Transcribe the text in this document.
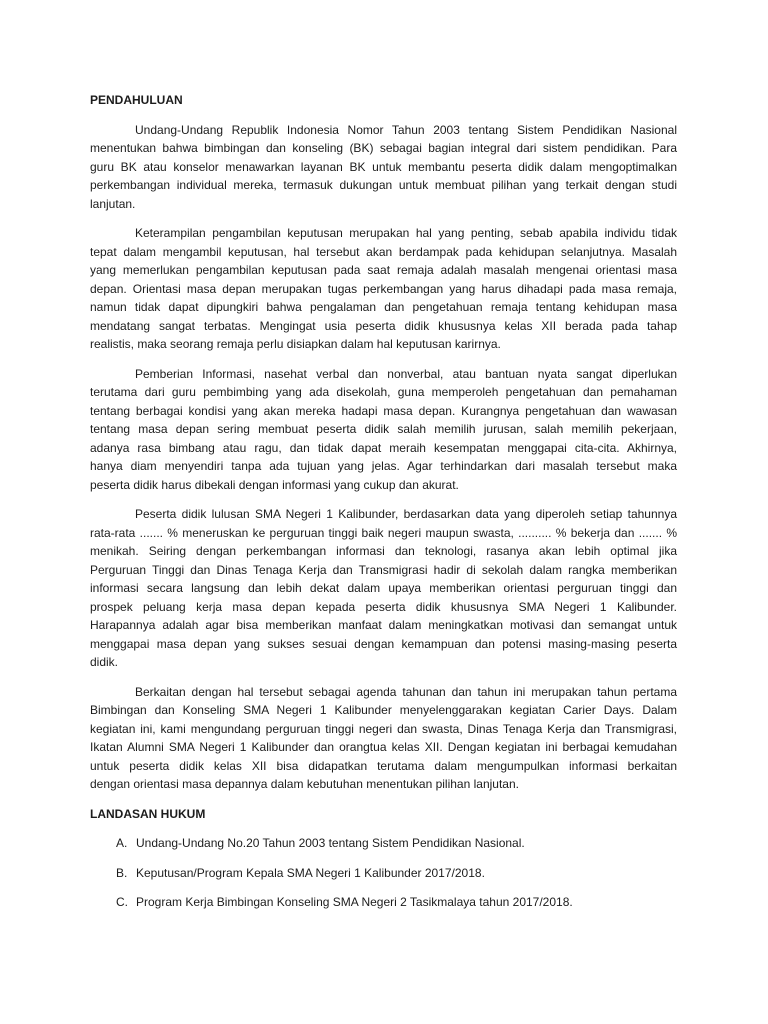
PENDAHULUAN
Undang-Undang Republik Indonesia Nomor Tahun 2003 tentang Sistem Pendidikan Nasional
menentukan bahwa bimbingan dan konseling (BK) sebagai bagian integral dari sistem pendidikan. Para
guru BK atau konselor menawarkan layanan BK untuk membantu peserta didik dalam mengoptimalkan
perkembangan individual mereka, termasuk dukungan untuk membuat pilihan yang terkait dengan studi
lanjutan.
Keterampilan pengambilan keputusan merupakan hal yang penting, sebab apabila individu tidak
tepat dalam mengambil keputusan, hal tersebut akan berdampak pada kehidupan selanjutnya. Masalah
yang memerlukan pengambilan keputusan pada saat remaja adalah masalah mengenai orientasi masa
depan. Orientasi masa depan merupakan tugas perkembangan yang harus dihadapi pada masa remaja,
namun tidak dapat dipungkiri bahwa pengalaman dan pengetahuan remaja tentang kehidupan masa
mendatang sangat terbatas. Mengingat usia peserta didik khususnya kelas XII berada pada tahap
realistis, maka seorang remaja perlu disiapkan dalam hal keputusan karirnya.
Pemberian Informasi, nasehat verbal dan nonverbal, atau bantuan nyata sangat diperlukan
terutama dari guru pembimbing yang ada disekolah, guna memperoleh pengetahuan dan pemahaman
tentang berbagai kondisi yang akan mereka hadapi masa depan. Kurangnya pengetahuan dan wawasan
tentang masa depan sering membuat peserta didik salah memilih jurusan, salah memilih pekerjaan,
adanya rasa bimbang atau ragu, dan tidak dapat meraih kesempatan menggapai cita-cita. Akhirnya,
hanya diam menyendiri tanpa ada tujuan yang jelas. Agar terhindarkan dari masalah tersebut maka
peserta didik harus dibekali dengan informasi yang cukup dan akurat.
Peserta didik lulusan SMA Negeri 1 Kalibunder, berdasarkan data yang diperoleh setiap tahunnya
rata-rata ....... % meneruskan ke perguruan tinggi baik negeri maupun swasta, .......... % bekerja dan ....... %
menikah. Seiring dengan perkembangan informasi dan teknologi, rasanya akan lebih optimal jika
Perguruan Tinggi dan Dinas Tenaga Kerja dan Transmigrasi hadir di sekolah dalam rangka memberikan
informasi secara langsung dan lebih dekat dalam upaya memberikan orientasi perguruan tinggi dan
prospek peluang kerja masa depan kepada peserta didik khususnya SMA Negeri 1 Kalibunder.
Harapannya adalah agar bisa memberikan manfaat dalam meningkatkan motivasi dan semangat untuk
menggapai masa depan yang sukses sesuai dengan kemampuan dan potensi masing-masing peserta
didik.
Berkaitan dengan hal tersebut sebagai agenda tahunan dan tahun ini merupakan tahun pertama
Bimbingan dan Konseling SMA Negeri 1 Kalibunder menyelenggarakan kegiatan Carier Days. Dalam
kegiatan ini, kami mengundang perguruan tinggi negeri dan swasta, Dinas Tenaga Kerja dan Transmigrasi,
Ikatan Alumni SMA Negeri 1 Kalibunder dan orangtua kelas XII. Dengan kegiatan ini berbagai kemudahan
untuk peserta didik kelas XII bisa didapatkan terutama dalam mengumpulkan informasi berkaitan
dengan orientasi masa depannya dalam kebutuhan menentukan pilihan lanjutan.
LANDASAN HUKUM
A. Undang-Undang No.20 Tahun 2003 tentang Sistem Pendidikan Nasional.
B. Keputusan/Program Kepala SMA Negeri 1 Kalibunder 2017/2018.
C. Program Kerja Bimbingan Konseling SMA Negeri 2 Tasikmalaya tahun 2017/2018.
